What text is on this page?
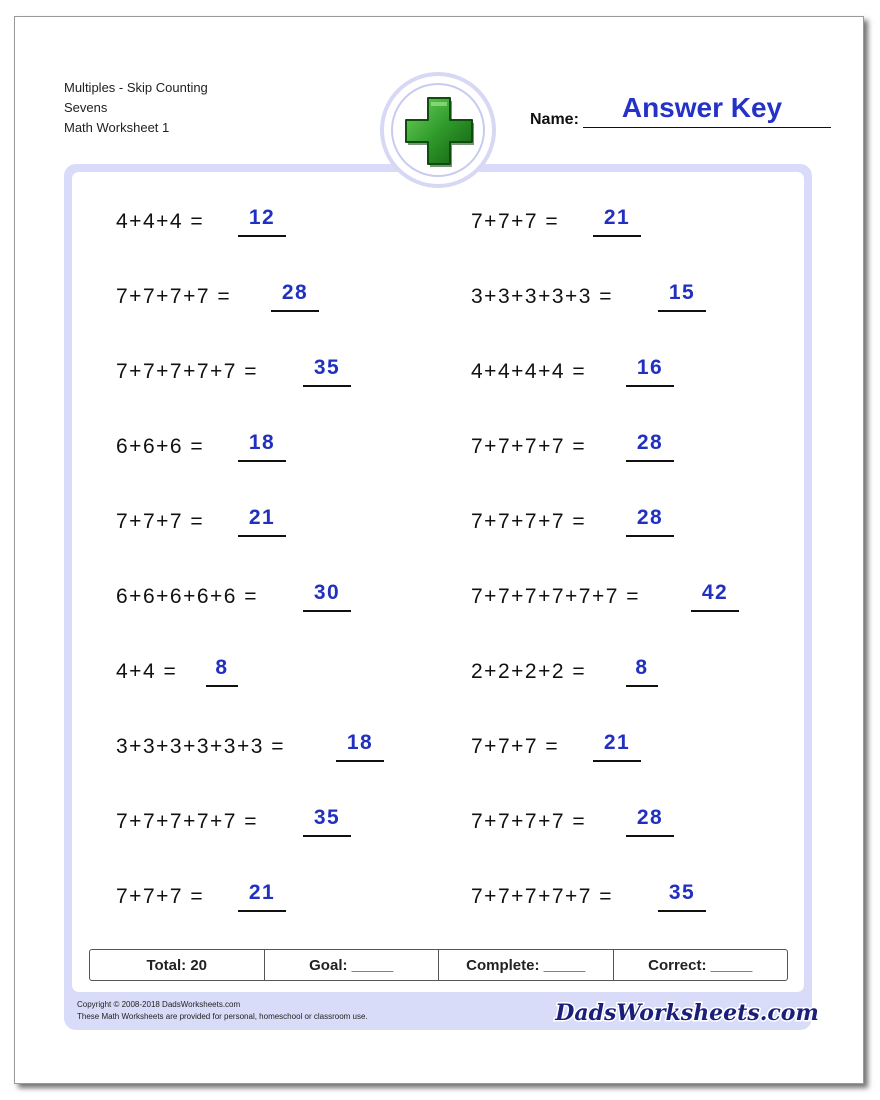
Multiples - Skip Counting
Sevens
Math Worksheet 1	Name:	Answer Key
4+4+4 =	12
7+7+7+7 =	28
7+7+7+7+7 =	35
6+6+6 =	18
7+7+7 =	21
6+6+6+6+6 =	30
4+4 =	8
3+3+3+3+3+3 =	18
7+7+7+7+7 =	35
7+7+7 =	21
7+7+7 =	21
3+3+3+3+3 =	15
4+4+4+4 =	16
7+7+7+7 =	28
7+7+7+7 =	28
7+7+7+7+7+7 =	42
2+2+2+2 =	8
7+7+7 =	21
7+7+7+7 =	28
7+7+7+7+7 =	35
Total: 20	Goal: _____	Complete: _____	Correct: _____
Copyright © 2008-2018 DadsWorksheets.com
These Math Worksheets are provided for personal, homeschool or classroom use.	DadsWorksheets.com
